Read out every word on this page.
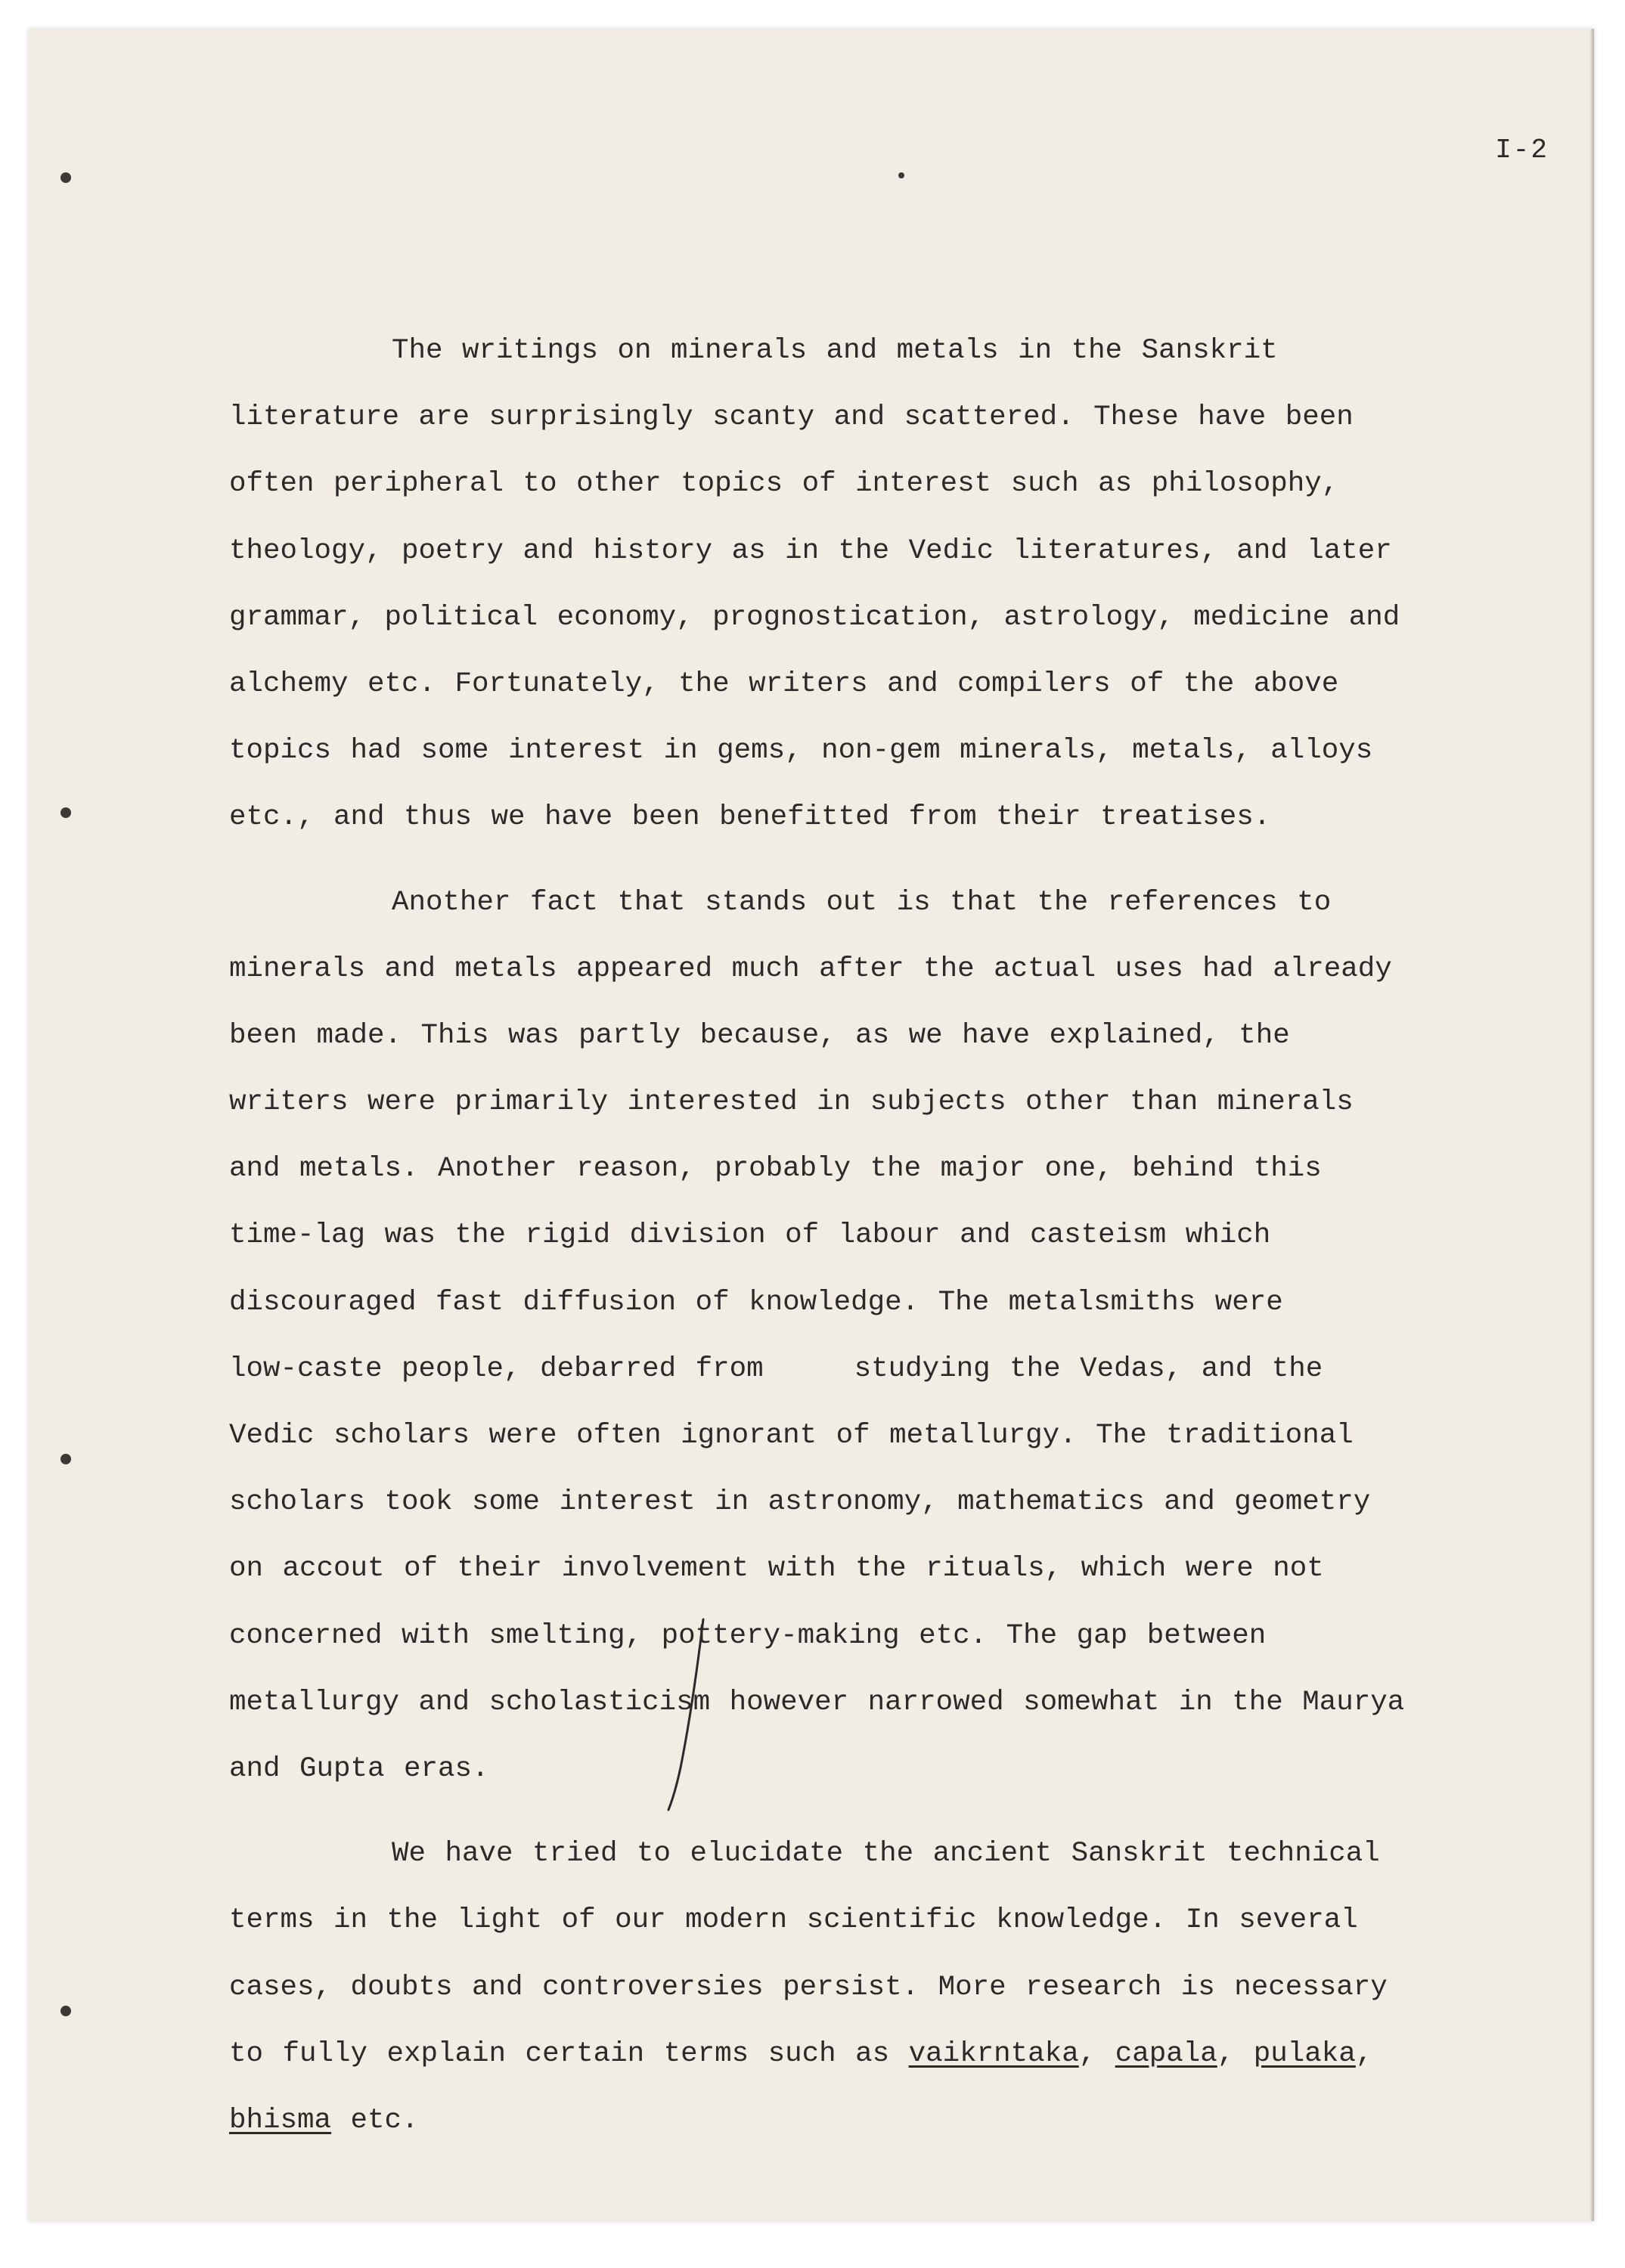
I-2

The writings on minerals and metals in the Sanskrit
literature are surprisingly scanty and scattered. These have been
often peripheral to other topics of interest such as philosophy,
theology, poetry and history as in the Vedic literatures, and later
grammar, political economy, prognostication, astrology, medicine and
alchemy etc. Fortunately, the writers and compilers of the above
topics had some interest in gems, non-gem minerals, metals, alloys
etc., and thus we have been benefitted from their treatises.
Another fact that stands out is that the references to
minerals and metals appeared much after the actual uses had already
been made. This was partly because, as we have explained, the
writers were primarily interested in subjects other than minerals
and metals. Another reason, probably the major one, behind this
time-lag was the rigid division of labour and casteism which
discouraged fast diffusion of knowledge. The metalsmiths were
low-caste people, debarred from	studying the Vedas, and the
Vedic scholars were often ignorant of metallurgy. The traditional
scholars took some interest in astronomy, mathematics and geometry
on accout of their involvement with the rituals, which were not
concerned with smelting, pottery-making etc. The gap between
metallurgy and scholasticism however narrowed somewhat in the Maurya
and Gupta eras.
We have tried to elucidate the ancient Sanskrit technical
terms in the light of our modern scientific knowledge. In several
cases, doubts and controversies persist. More research is necessary
to fully explain certain terms such as vaikrntaka, capala, pulaka,
bhisma etc.
